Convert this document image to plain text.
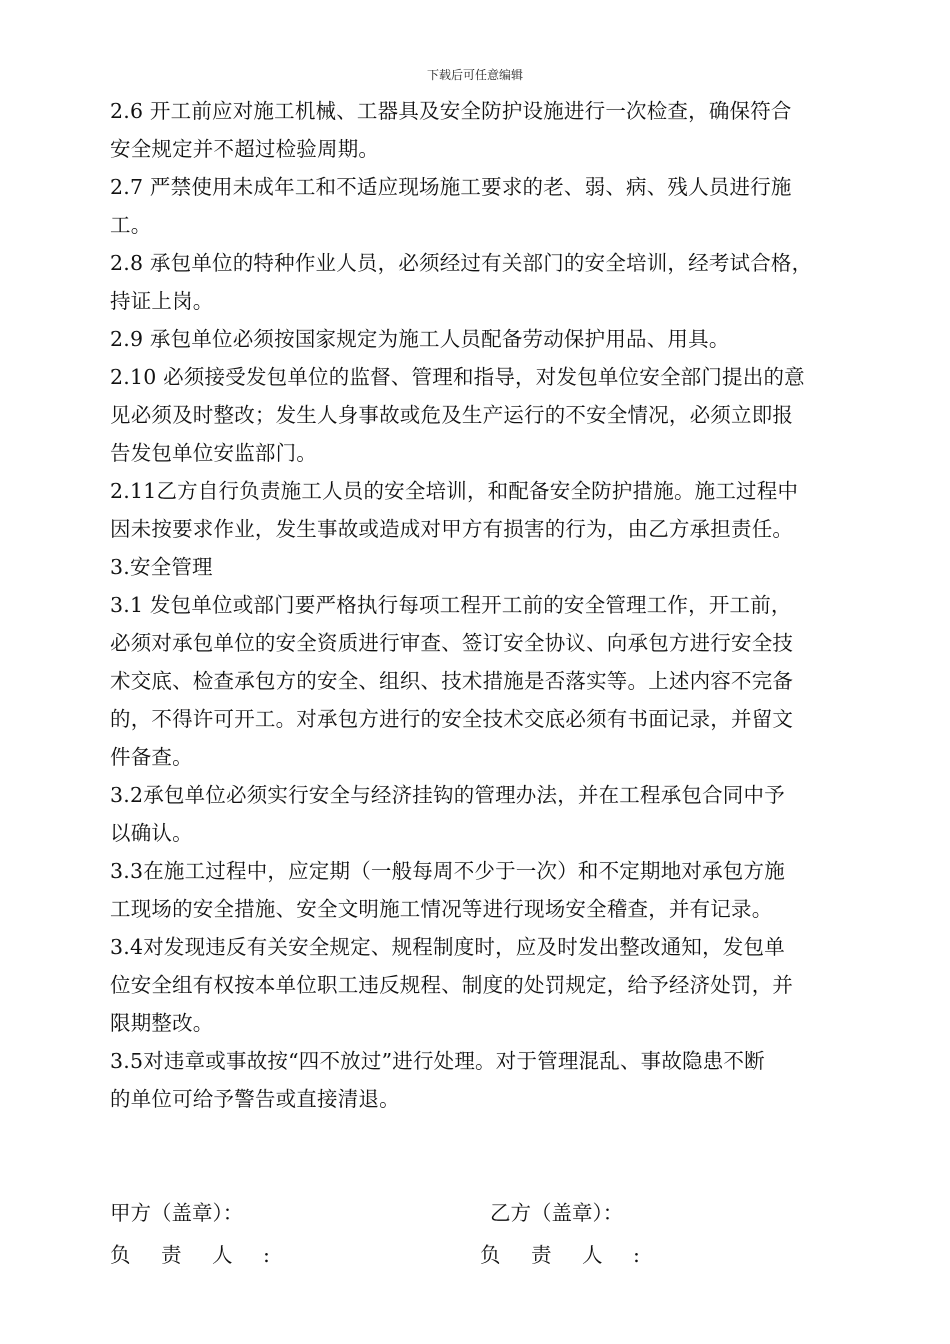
下载后可任意编辑
2.6 开工前应对施工机械、工器具及安全防护设施进行一次检查，确保符合
安全规定并不超过检验周期。
2.7 严禁使用未成年工和不适应现场施工要求的老、弱、病、残人员进行施
工。
2.8 承包单位的特种作业人员，必须经过有关部门的安全培训，经考试合格，
持证上岗。
2.9 承包单位必须按国家规定为施工人员配备劳动保护用品、用具。
2.10 必须接受发包单位的监督、管理和指导，对发包单位安全部门提出的意
见必须及时整改；发生人身事故或危及生产运行的不安全情况，必须立即报
告发包单位安监部门。
2.11乙方自行负责施工人员的安全培训，和配备安全防护措施。施工过程中
因未按要求作业，发生事故或造成对甲方有损害的行为，由乙方承担责任。
3.安全管理
3.1 发包单位或部门要严格执行每项工程开工前的安全管理工作，开工前，
必须对承包单位的安全资质进行审查、签订安全协议、向承包方进行安全技
术交底、检查承包方的安全、组织、技术措施是否落实等。上述内容不完备
的，不得许可开工。对承包方进行的安全技术交底必须有书面记录，并留文
件备查。
3.2承包单位必须实行安全与经济挂钩的管理办法，并在工程承包合同中予
以确认。
3.3在施工过程中，应定期（一般每周不少于一次）和不定期地对承包方施
工现场的安全措施、安全文明施工情况等进行现场安全稽查，并有记录。
3.4对发现违反有关安全规定、规程制度时，应及时发出整改通知，发包单
位安全组有权按本单位职工违反规程、制度的处罚规定，给予经济处罚，并
限期整改。
3.5对违章或事故按“四不放过”进行处理。对于管理混乱、事故隐患不断
的单位可给予警告或直接清退。
甲方（盖章）：	乙方（盖章）：
负 责 人 :	负 责 人 :
